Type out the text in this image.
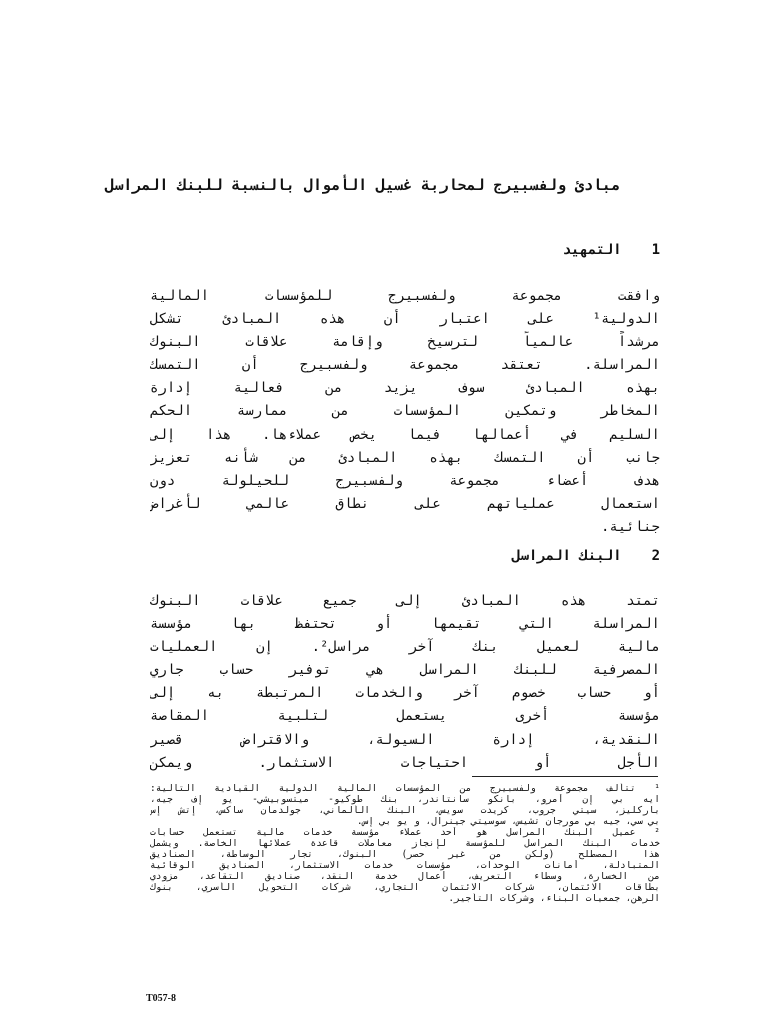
مبادئ ولفسبيرج لمحاربة غسيل الأموال بالنسبة للبنك المراسل
1 التمهيد
وافقت مجموعة ولفسبيرج للمؤسسات المالية
الدولية¹ على اعتبار أن هذه المبادئ تشكل
مرشداً عالمياً لترسيخ وإقامة علاقات البنوك
المراسلة. تعتقد مجموعة ولفسبيرج أن التمسك
بهذه المبادئ سوف يزيد من فعالية إدارة
المخاطر وتمكين المؤسسات من ممارسة الحكم
السليم في أعمالها فيما يخص عملاءها. هذا إلى
جانب أن التمسك بهذه المبادئ من شأنه تعزيز
هدف أعضاء مجموعة ولفسبيرج للحيلولة دون
استعمال عملياتهم على نطاق عالمي لأغراض
جنائية.
2 البنك المراسل
تمتد هذه المبادئ إلى جميع علاقات البنوك
المراسلة التي تقيمها أو تحتفظ بها مؤسسة
مالية لعميل بنك آخر مراسل². إن العمليات
المصرفية للبنك المراسل هي توفير حساب جاري
أو حساب خصوم آخر والخدمات المرتبطة به إلى
مؤسسة أخرى يستعمل لتلبية المقاصة
النقدية، إدارة السيولة، والاقتراض قصير
الأجل أو احتياجات الاستثمار. ويمكن
¹ تتألف مجموعة ولفسبيرج من المؤسسات المالية الدولية القيادية التالية:
ايه بي إن أمرو، بانكو سانتاندر، بنك طوكيو- ميتسوبيشي- يو إف جيه،
باركليز، سيتي جروب، كريدت سويس، البنك الألماني، جولدمان ساكس، إتش إس
بي سي، جيه بي مورجان تشيس، سوسيتي جينرال، و يو بي إس.
² عميل البنك المراسل هو أحد عملاء مؤسسة خدمات مالية تستعمل حسابات
خدمات البنك المراسل للمؤسسة لإنجاز معاملات قاعدة عملائها الخاصة. ويشمل
هذا المصطلح (ولكن من غير حصر) البنوك، تجار الوساطة، الصناديق
المتبادلة، أمانات الوحدات، مؤسسات خدمات الاستثمار، الصناديق الوقائية
من الخسارة، وسطاء التعريف، أعمال خدمة النقد، صناديق التقاعد، مزودي
بطاقات الائتمان، شركات الائتمان التجاري، شركات التحويل الأسري، بنوك
الرهن، جمعيات البناء، وشركات التأجير.
T057-8
